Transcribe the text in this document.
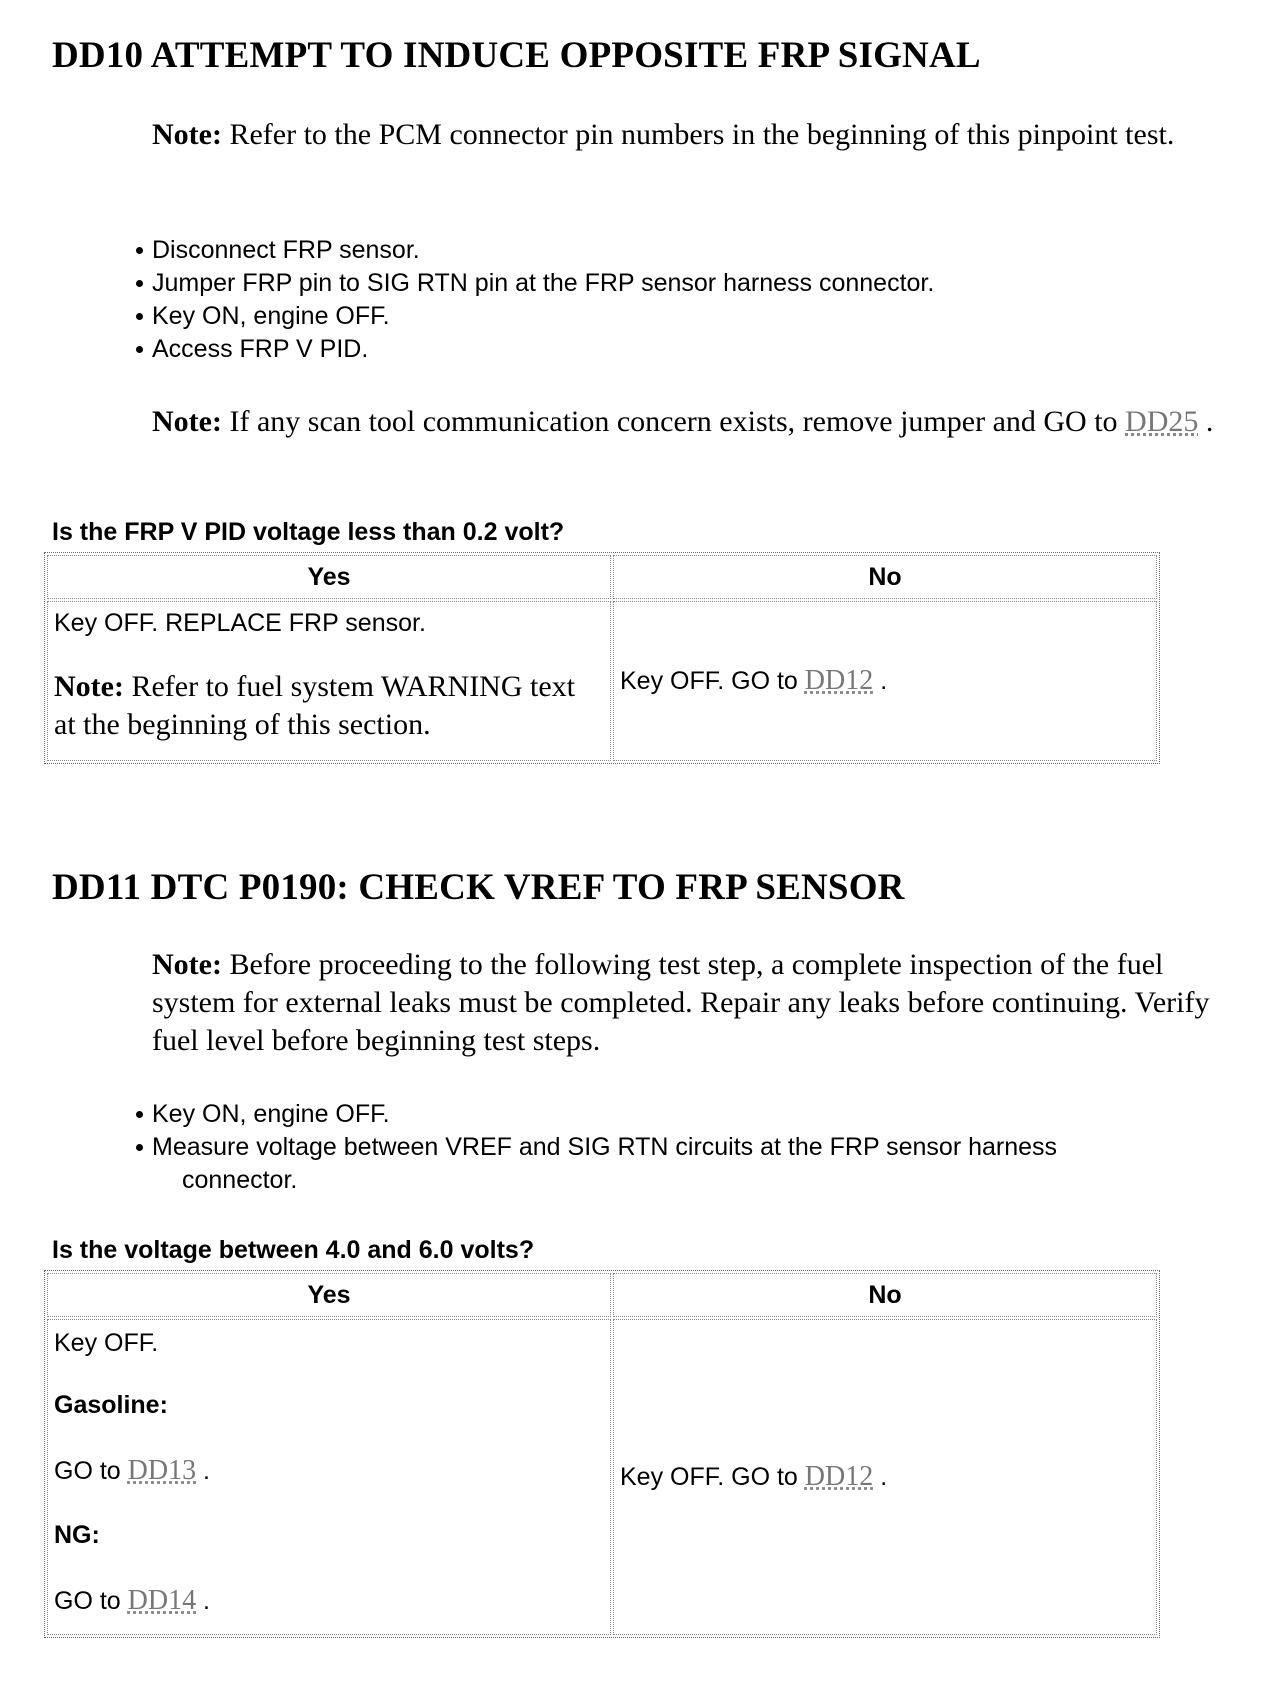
DD10 ATTEMPT TO INDUCE OPPOSITE FRP SIGNAL

Note: Refer to the PCM connector pin numbers in the beginning of this pinpoint test.

Disconnect FRP sensor.
Jumper FRP pin to SIG RTN pin at the FRP sensor harness connector.
Key ON, engine OFF.
Access FRP V PID.

Note: If any scan tool communication concern exists, remove jumper and GO to DD25 .

Is the FRP V PID voltage less than 0.2 volt?

Yes	No

Key OFF. REPLACE FRP sensor.
Note: Refer to fuel system WARNING text at the beginning of this section.	Key OFF. GO to DD12 .
DD11 DTC P0190: CHECK VREF TO FRP SENSOR

Note: Before proceeding to the following test step, a complete inspection of the fuel system for external leaks must be completed. Repair any leaks before continuing. Verify fuel level before beginning test steps.

Key ON, engine OFF.
Measure voltage between VREF and SIG RTN circuits at the FRP sensor harness
connector.

Is the voltage between 4.0 and 6.0 volts?

Yes	No

Key OFF.
Gasoline:
GO to DD13 .
NG:
GO to DD14 .	Key OFF. GO to DD12 .
